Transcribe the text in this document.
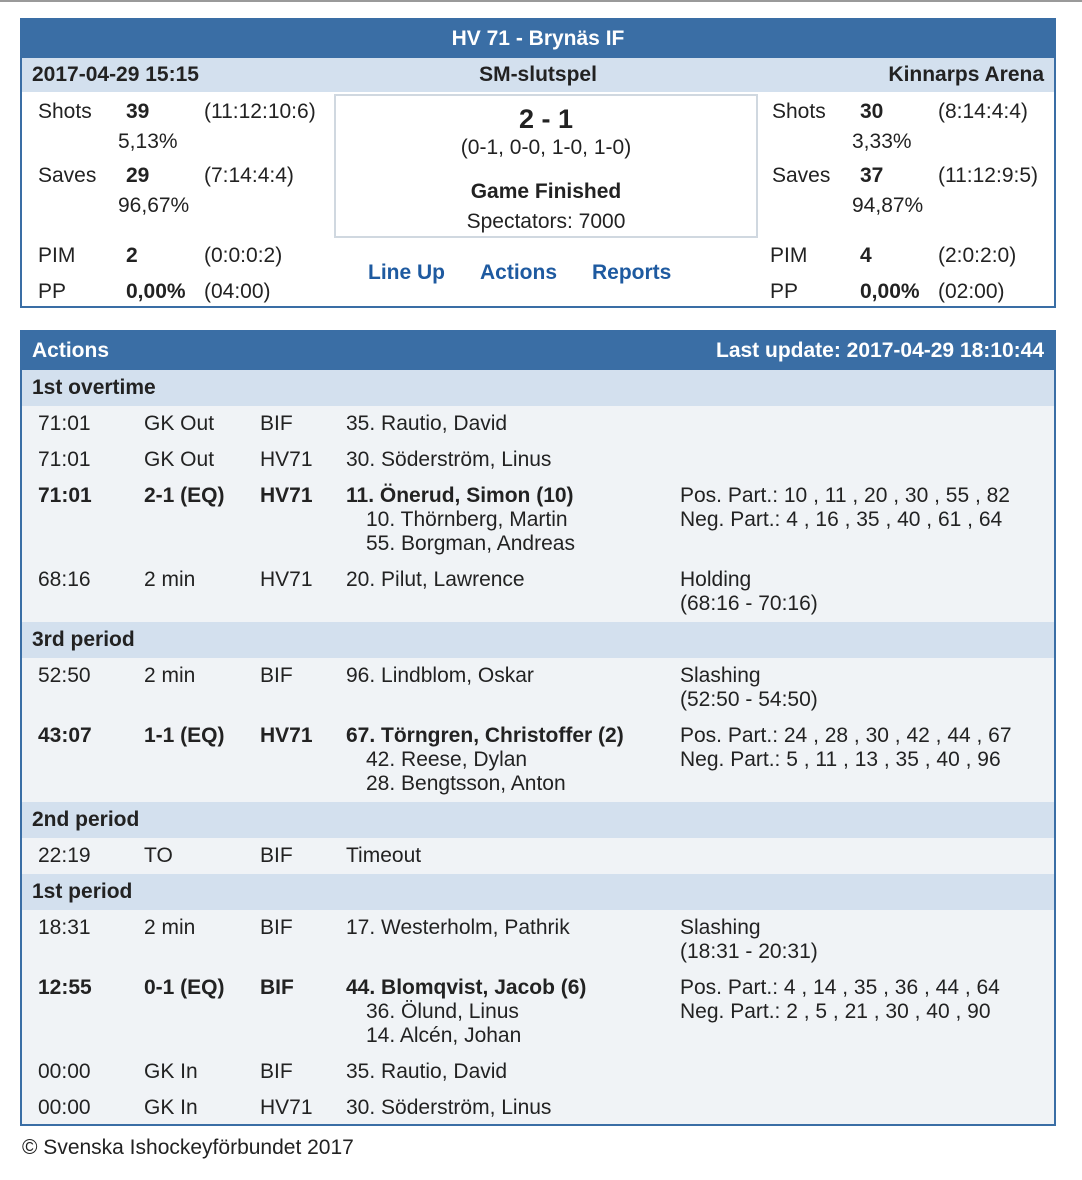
HV 71 - Brynäs IF
SM-slutspel
2017-04-29 15:15	Kinnarps Arena
Shots 39	(11:12:10:6)
5,13%
Saves 29	(7:14:4:4)
96,67%
PIM 2	(0:0:0:2)
PP	0,00% (04:00)
2 - 1
(0-1, 0-0, 1-0, 1-0)
Game Finished
Spectators: 7000
Line Up Actions Reports
Shots 30	(8:14:4:4)
3,33%
Saves 37	(11:12:9:5)
94,87%
PIM	4	(2:0:2:0)
PP	0,00% (02:00)
Actions	Last update: 2017-04-29 18:10:44
1st overtime
71:01	GK Out BIF	35. Rautio, David
71:01	GK Out HV71 30. Söderström, Linus
71:01 2-1 (EQ) HV71 11. Önerud, Simon (10)
10. Thörnberg, Martin
55. Borgman, Andreas
Pos. Part.: 10 , 11 , 20 , 30 , 55 , 82
Neg. Part.: 4 , 16 , 35 , 40 , 61 , 64
68:16	2 min	HV71 20. Pilut, Lawrence	Holding
(68:16 - 70:16)
3rd period
52:50	2 min	BIF	96. Lindblom, Oskar	Slashing
(52:50 - 54:50)
43:07 1-1 (EQ) HV71 67. Törngren, Christoffer (2)
42. Reese, Dylan
28. Bengtsson, Anton
Pos. Part.: 24 , 28 , 30 , 42 , 44 , 67
Neg. Part.: 5 , 11 , 13 , 35 , 40 , 96
2nd period
22:19	TO	BIF	Timeout
1st period
18:31	2 min	BIF	17. Westerholm, Pathrik	Slashing
(18:31 - 20:31)
12:55 0-1 (EQ) BIF 44. Blomqvist, Jacob (6)
36. Ölund, Linus
14. Alcén, Johan
Pos. Part.: 4 , 14 , 35 , 36 , 44 , 64
Neg. Part.: 2 , 5 , 21 , 30 , 40 , 90
00:00	GK In	BIF	35. Rautio, David
00:00	GK In	HV71 30. Söderström, Linus
© Svenska Ishockeyförbundet 2017
